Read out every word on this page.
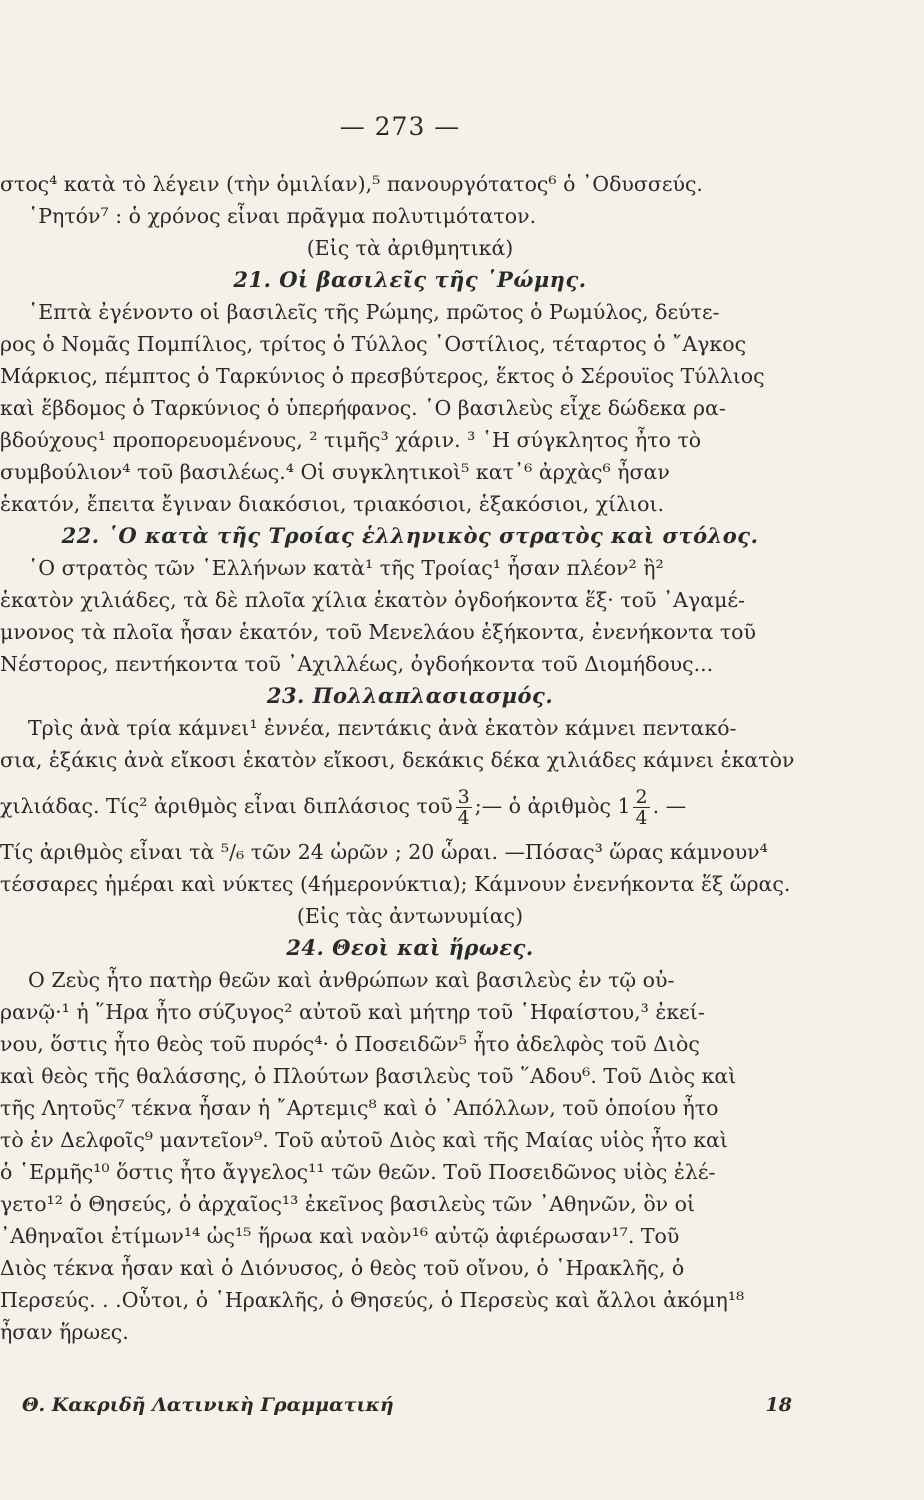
— 273 —
στος⁴ κατὰ τὸ λέγειν (τὴν ὁμιλίαν),⁵ πανουργότατος⁶ ὁ ᾿Οδυσσεύς.
῾Ρητόν⁷ : ὁ χρόνος εἶναι πρᾶγμα πολυτιμότατον.
(Εἰς τὰ ἀριθμητικά)
21. Οἱ βασιλεῖς τῆς ῾Ρώμης.
῾Επτὰ ἐγένοντο οἱ βασιλεῖς τῆς Ρώμης, πρῶτος ὁ Ρωμύλος, δεύτε-
ρος ὁ Νομᾶς Πομπίλιος, τρίτος ὁ Τύλλος ῾Οστίλιος, τέταρτος ὁ ῎Αγκος
Μάρκιος, πέμπτος ὁ Ταρκύνιος ὁ πρεσβύτερος, ἕκτος ὁ Σέρουϊος Τύλλιος
καὶ ἕβδομος ὁ Ταρκύνιος ὁ ὑπερήφανος. ῾Ο βασιλεὺς εἶχε δώδεκα ρα-
βδούχους¹ προπορευομένους, ² τιμῆς³ χάριν. ³ ῾Η σύγκλητος ἦτο τὸ
συμβούλιον⁴ τοῦ βασιλέως.⁴ Οἱ συγκλητικοὶ⁵ κατ᾿⁶ ἀρχὰς⁶ ἦσαν
ἑκατόν, ἔπειτα ἔγιναν διακόσιοι, τριακόσιοι, ἑξακόσιοι, χίλιοι.
22. ῾Ο κατὰ τῆς Τροίας ἑλληνικὸς στρατὸς καὶ στόλος.
῾Ο στρατὸς τῶν ῾Ελλήνων κατὰ¹ τῆς Τροίας¹ ἦσαν πλέον² ἢ²
ἑκατὸν χιλιάδες, τὰ δὲ πλοῖα χίλια ἑκατὸν ὀγδοήκοντα ἕξ· τοῦ ᾿Αγαμέ-
μνονος τὰ πλοῖα ἦσαν ἑκατόν, τοῦ Μενελάου ἑξήκοντα, ἐνενήκοντα τοῦ
Νέστορος, πεντήκοντα τοῦ ᾿Αχιλλέως, ὀγδοήκοντα τοῦ Διομήδους...
23. Πολλαπλασιασμός.
Τρὶς ἀνὰ τρία κάμνει¹ ἐννέα, πεντάκις ἀνὰ ἑκατὸν κάμνει πεντακό-
σια, ἑξάκις ἀνὰ εἴκοσι ἑκατὸν εἴκοσι, δεκάκις δέκα χιλιάδες κάμνει ἑκατὸν
χιλιάδας. Τίς² ἀριθμὸς εἶναι διπλάσιος τοῦ $\frac{3}{4}$ ;— ὁ ἀριθμὸς $1 \frac{2}{4}$ . —
Τίς ἀριθμὸς εἶναι τὰ ⁵/₆ τῶν 24 ὡρῶν ; 20 ὧραι. —Πόσας³ ὥρας κάμνουν⁴
τέσσαρες ἡμέραι καὶ νύκτες (4ήμερονύκτια); Κάμνουν ἐνενήκοντα ἕξ ὥρας.
(Εἰς τὰς ἀντωνυμίας)
24. Θεοὶ καὶ ἥρωες.
Ο Ζεὺς ἦτο πατὴρ θεῶν καὶ ἀνθρώπων καὶ βασιλεὺς ἐν τῷ οὐ-
ρανῷ·¹ ἡ ῞Ηρα ἦτο σύζυγος² αὐτοῦ καὶ μήτηρ τοῦ ῾Ηφαίστου,³ ἐκεί-
νου, ὅστις ἦτο θεὸς τοῦ πυρός⁴· ὁ Ποσειδῶν⁵ ἦτο ἀδελφὸς τοῦ Διὸς
καὶ θεὸς τῆς θαλάσσης, ὁ Πλούτων βασιλεὺς τοῦ ῞Αδου⁶. Τοῦ Διὸς καὶ
τῆς Λητοῦς⁷ τέκνα ἦσαν ἡ ῎Αρτεμις⁸ καὶ ὁ ᾿Απόλλων, τοῦ ὁποίου ἦτο
τὸ ἐν Δελφοῖς⁹ μαντεῖον⁹. Τοῦ αὐτοῦ Διὸς καὶ τῆς Μαίας υἱὸς ἦτο καὶ
ὁ ῾Ερμῆς¹⁰ ὅστις ἦτο ἄγγελος¹¹ τῶν θεῶν. Τοῦ Ποσειδῶνος υἱὸς ἐλέ-
γετο¹² ὁ Θησεύς, ὁ ἀρχαῖος¹³ ἐκεῖνος βασιλεὺς τῶν ᾿Αθηνῶν, ὃν οἱ
᾿Αθηναῖοι ἐτίμων¹⁴ ὡς¹⁵ ἥρωα καὶ ναὸν¹⁶ αὐτῷ ἀφιέρωσαν¹⁷. Τοῦ
Διὸς τέκνα ἦσαν καὶ ὁ Διόνυσος, ὁ θεὸς τοῦ οἴνου, ὁ ῾Ηρακλῆς, ὁ
Περσεύς. . .Οὗτοι, ὁ ῾Ηρακλῆς, ὁ Θησεύς, ὁ Περσεὺς καὶ ἄλλοι ἀκόμη¹⁸
ἦσαν ἥρωες.
Θ. Κακριδῆ Λατινικὴ Γραμματική	18
